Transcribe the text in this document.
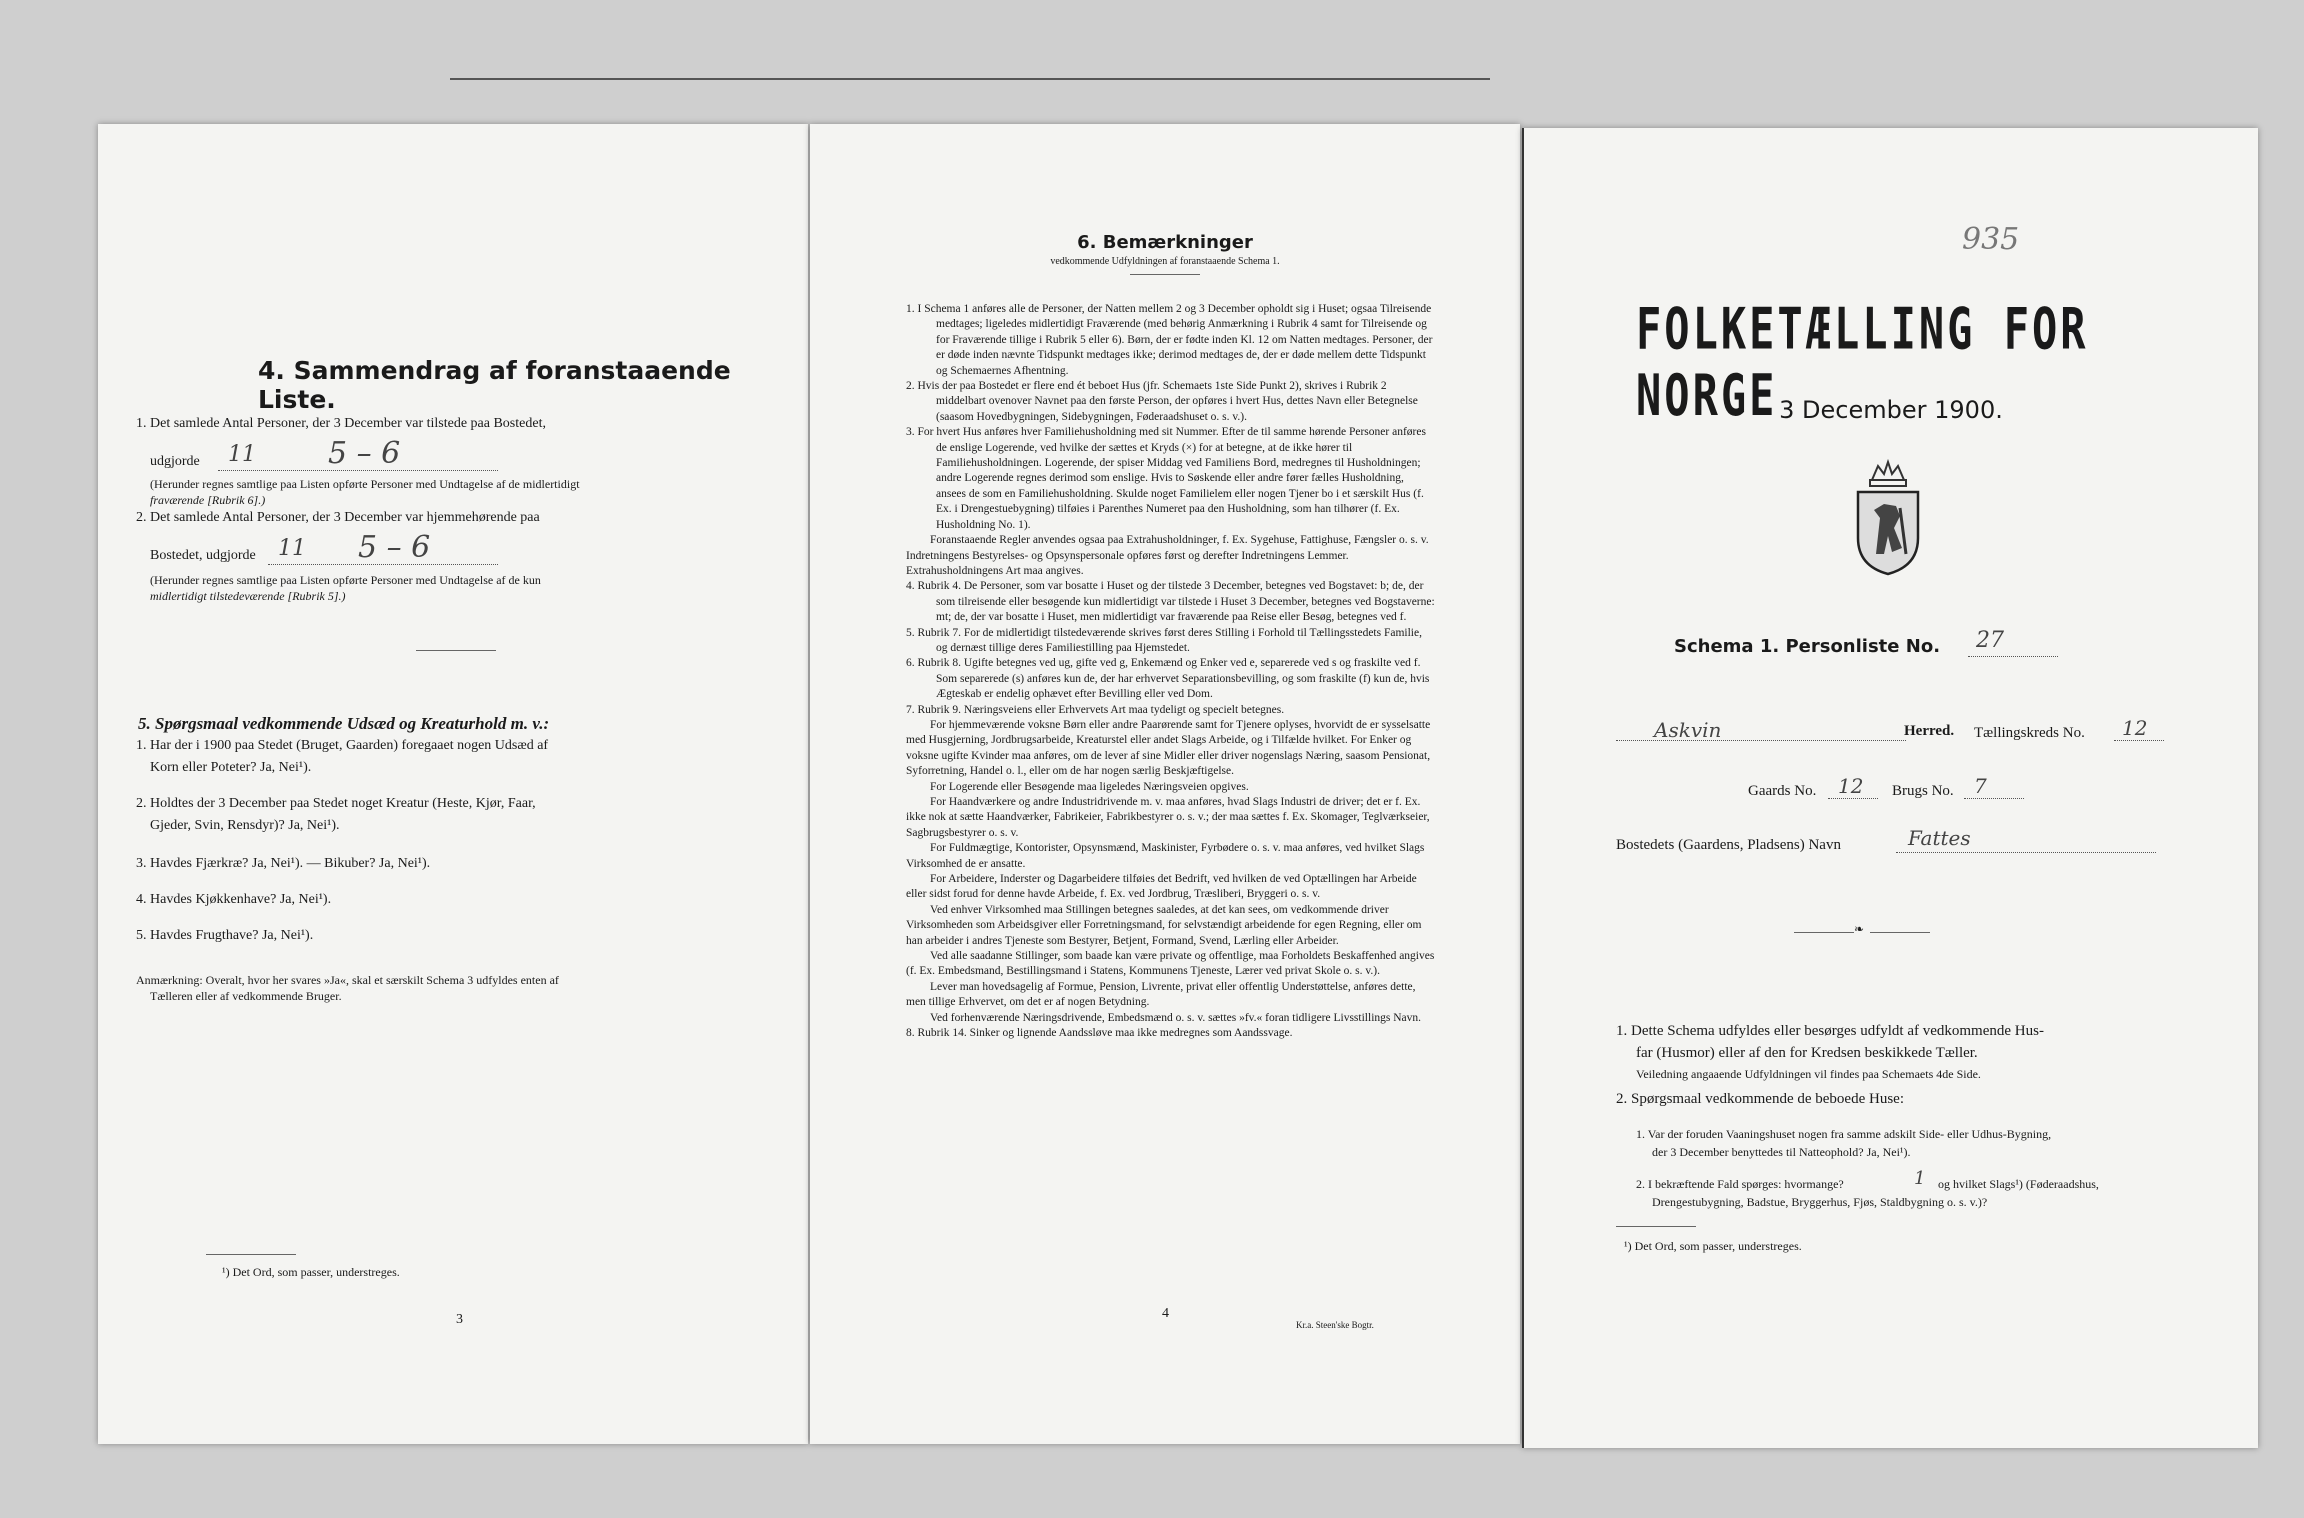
4. Sammendrag af foranstaaende Liste.
1. Det samlede Antal Personer, der 3 December var tilstede paa Bostedet,
udgjorde 11 5 – 6
(Herunder regnes samtlige paa Listen opførte Personer med Undtagelse af de midlertidigt
fraværende [Rubrik 6].)
2. Det samlede Antal Personer, der 3 December var hjemmehørende paa
Bostedet, udgjorde 11 5 – 6
(Herunder regnes samtlige paa Listen opførte Personer med Undtagelse af de kun
midlertidigt tilstedeværende [Rubrik 5].)
5. Spørgsmaal vedkommende Udsæd og Kreaturhold m. v.:
1. Har der i 1900 paa Stedet (Bruget, Gaarden) foregaaet nogen Udsæd af
Korn eller Poteter? Ja, Nei¹).
2. Holdtes der 3 December paa Stedet noget Kreatur (Heste, Kjør, Faar,
Gjeder, Svin, Rensdyr)? Ja, Nei¹).
3. Havdes Fjærkræ? Ja, Nei¹). — Bikuber? Ja, Nei¹).
4. Havdes Kjøkkenhave? Ja, Nei¹).
5. Havdes Frugthave? Ja, Nei¹).
Anmærkning: Overalt, hvor her svares »Ja«, skal et særskilt Schema 3 udfyldes enten af
Tælleren eller af vedkommende Bruger.
¹) Det Ord, som passer, understreges.
3
6. Bemærkninger
vedkommende Udfyldningen af foranstaaende Schema 1.

1. I Schema 1 anføres alle de Personer, der Natten mellem 2 og 3 December opholdt sig i Huset; ogsaa Tilreisende medtages; ligeledes midlertidigt Fraværende (med behørig Anmærkning i Rubrik 4 samt for Tilreisende og for Fraværende tillige i Rubrik 5 eller 6). Børn, der er fødte inden Kl. 12 om Natten medtages. Personer, der er døde inden nævnte Tidspunkt medtages ikke; derimod medtages de, der er døde mellem dette Tidspunkt og Schemaernes Afhentning.

2. Hvis der paa Bostedet er flere end ét beboet Hus (jfr. Schemaets 1ste Side Punkt 2), skrives i Rubrik 2 middelbart ovenover Navnet paa den første Person, der opføres i hvert Hus, dettes Navn eller Betegnelse (saasom Hovedbygningen, Sidebygningen, Føderaadshuset o. s. v.).

3. For hvert Hus anføres hver Familiehusholdning med sit Nummer. Efter de til samme hørende Personer anføres de enslige Logerende, ved hvilke der sættes et Kryds (×) for at betegne, at de ikke hører til Familiehusholdningen. Logerende, der spiser Middag ved Familiens Bord, medregnes til Husholdningen; andre Logerende regnes derimod som enslige. Hvis to Søskende eller andre fører fælles Husholdning, ansees de som en Familiehusholdning. Skulde noget Familielem eller nogen Tjener bo i et særskilt Hus (f. Ex. i Drengestuebygning) tilføies i Parenthes Numeret paa den Husholdning, som han tilhører (f. Ex. Husholdning No. 1).

Foranstaaende Regler anvendes ogsaa paa Extrahusholdninger, f. Ex. Sygehuse, Fattighuse, Fængsler o. s. v. Indretningens Bestyrelses- og Opsynspersonale opføres først og derefter Indretningens Lemmer. Extrahusholdningens Art maa angives.

4. Rubrik 4. De Personer, som var bosatte i Huset og der tilstede 3 December, betegnes ved Bogstavet: b; de, der som tilreisende eller besøgende kun midlertidigt var tilstede i Huset 3 December, betegnes ved Bogstaverne: mt; de, der var bosatte i Huset, men midlertidigt var fraværende paa Reise eller Besøg, betegnes ved f.

5. Rubrik 7. For de midlertidigt tilstedeværende skrives først deres Stilling i Forhold til Tællingsstedets Familie, og dernæst tillige deres Familiestilling paa Hjemstedet.

6. Rubrik 8. Ugifte betegnes ved ug, gifte ved g, Enkemænd og Enker ved e, separerede ved s og fraskilte ved f. Som separerede (s) anføres kun de, der har erhvervet Separationsbevilling, og som fraskilte (f) kun de, hvis Ægteskab er endelig ophævet efter Bevilling eller ved Dom.

7. Rubrik 9. Næringsveiens eller Erhvervets Art maa tydeligt og specielt betegnes.

For hjemmeværende voksne Børn eller andre Paarørende samt for Tjenere oplyses, hvorvidt de er sysselsatte med Husgjerning, Jordbrugsarbeide, Kreaturstel eller andet Slags Arbeide, og i Tilfælde hvilket. For Enker og voksne ugifte Kvinder maa anføres, om de lever af sine Midler eller driver nogenslags Næring, saasom Pensionat, Syforretning, Handel o. l., eller om de har nogen særlig Beskjæftigelse.

For Logerende eller Besøgende maa ligeledes Næringsveien opgives.

For Haandværkere og andre Industridrivende m. v. maa anføres, hvad Slags Industri de driver; det er f. Ex. ikke nok at sætte Haandværker, Fabrikeier, Fabrikbestyrer o. s. v.; der maa sættes f. Ex. Skomager, Teglværkseier, Sagbrugsbestyrer o. s. v.

For Fuldmægtige, Kontorister, Opsynsmænd, Maskinister, Fyrbødere o. s. v. maa anføres, ved hvilket Slags Virksomhed de er ansatte.

For Arbeidere, Inderster og Dagarbeidere tilføies det Bedrift, ved hvilken de ved Optællingen har Arbeide eller sidst forud for denne havde Arbeide, f. Ex. ved Jordbrug, Træsliberi, Bryggeri o. s. v.

Ved enhver Virksomhed maa Stillingen betegnes saaledes, at det kan sees, om vedkommende driver Virksomheden som Arbeidsgiver eller Forretningsmand, for selvstændigt arbeidende for egen Regning, eller om han arbeider i andres Tjeneste som Bestyrer, Betjent, Formand, Svend, Lærling eller Arbeider.

Ved alle saadanne Stillinger, som baade kan være private og offentlige, maa Forholdets Beskaffenhed angives (f. Ex. Embedsmand, Bestillingsmand i Statens, Kommunens Tjeneste, Lærer ved privat Skole o. s. v.).

Lever man hovedsagelig af Formue, Pension, Livrente, privat eller offentlig Understøttelse, anføres dette, men tillige Erhvervet, om det er af nogen Betydning.

Ved forhenværende Næringsdrivende, Embedsmænd o. s. v. sættes »fv.« foran tidligere Livsstillings Navn.

8. Rubrik 14. Sinker og lignende Aandssløve maa ikke medregnes som Aandssvage.

4
Kr.a. Steen'ske Bogtr.
935
FOLKETÆLLING FOR NORGE 3 December 1900.
Schema 1. Personliste No. 27
Askvin	Herred. Tællingskreds No. 12
Gaards No. 12 Brugs No. 7
Bostedets (Gaardens, Pladsens) Navn	Fattes
❧
1. Dette Schema udfyldes eller besørges udfyldt af vedkommende Hus-
far (Husmor) eller af den for Kredsen beskikkede Tæller.
Veiledning angaaende Udfyldningen vil findes paa Schemaets 4de Side.
2. Spørgsmaal vedkommende de beboede Huse:
1. Var der foruden Vaaningshuset nogen fra samme adskilt Side- eller Udhus-Bygning,
der 3 December benyttedes til Natteophold? Ja, Nei¹).
2. I bekræftende Fald spørges: hvormange?	1 og hvilket Slags¹) (Føderaadshus,
Drengestubygning, Badstue, Bryggerhus, Fjøs, Staldbygning o. s. v.)?
¹) Det Ord, som passer, understreges.
